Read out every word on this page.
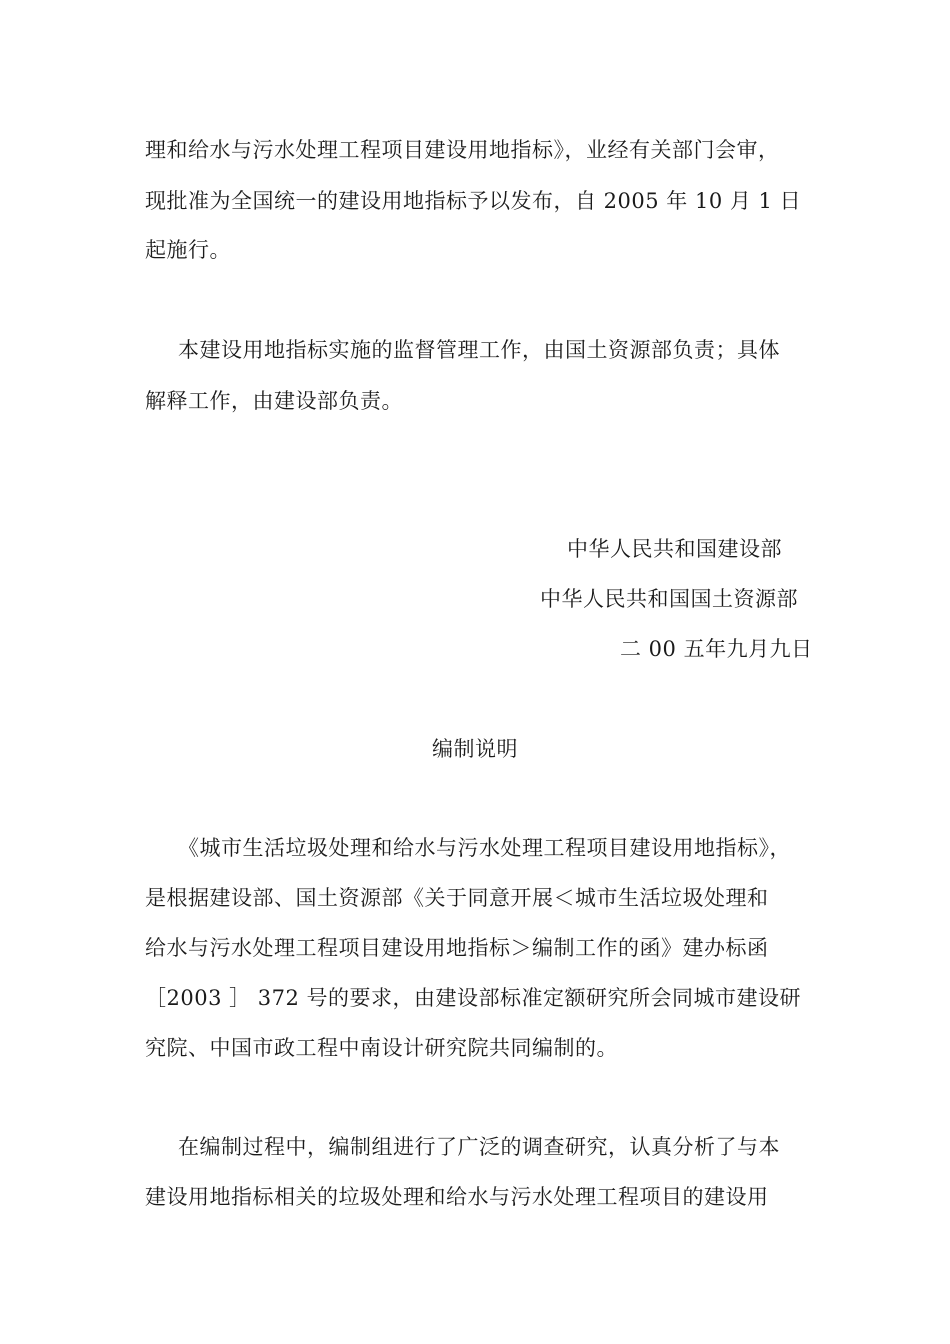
理和给水与污水处理工程项目建设用地指标》，业经有关部门会审，
现批准为全国统一的建设用地指标予以发布，自 2005 年 10 月 1 日
起施行。
本建设用地指标实施的监督管理工作，由国土资源部负责；具体
解释工作，由建设部负责。
中华人民共和国建设部
中华人民共和国国土资源部
二 00 五年九月九日
编制说明
《城市生活垃圾处理和给水与污水处理工程项目建设用地指标》，
是根据建设部、国土资源部《关于同意开展＜城市生活垃圾处理和
给水与污水处理工程项目建设用地指标＞编制工作的函》建办标函
［2003 ］ 372 号的要求，由建设部标准定额研究所会同城市建设研
究院、中国市政工程中南设计研究院共同编制的。
在编制过程中，编制组进行了广泛的调查研究，认真分析了与本
建设用地指标相关的垃圾处理和给水与污水处理工程项目的建设用
